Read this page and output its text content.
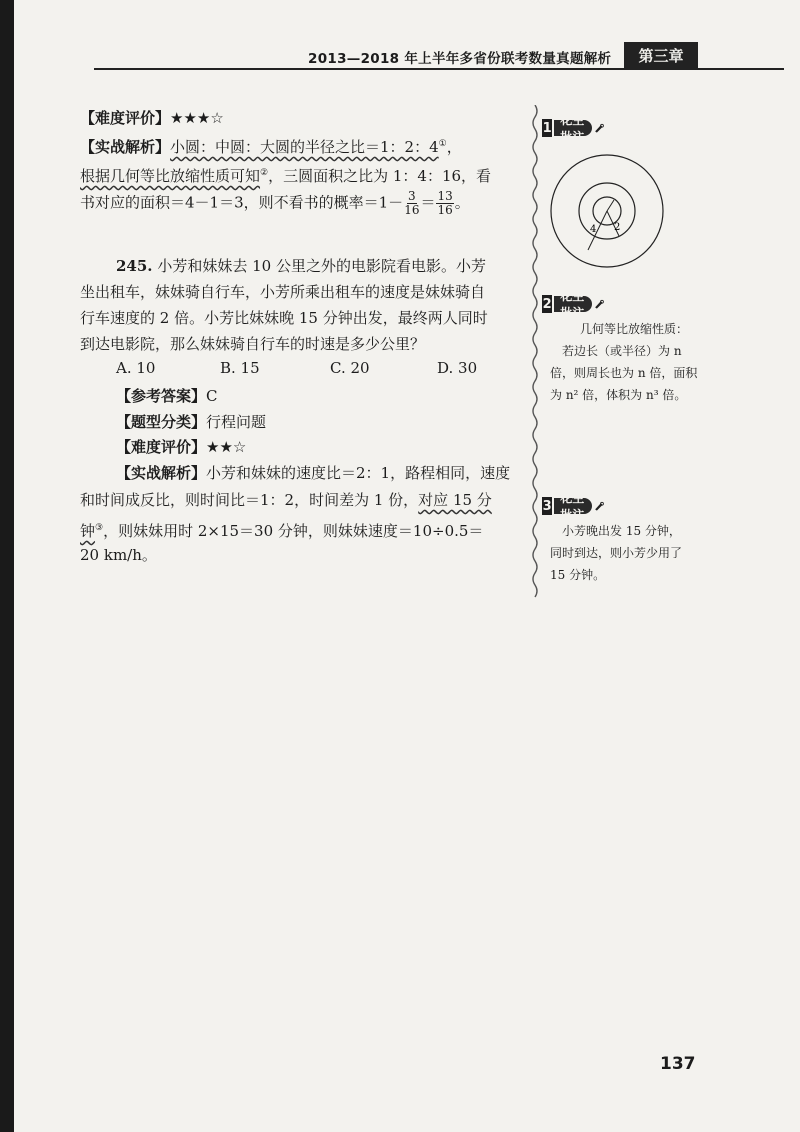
2013—2018 年上半年多省份联考数量真题解析	第三章
【难度评价】★★★☆
【实战解析】小圆：中圆：大圆的半径之比＝1：2：4①，
根据几何等比放缩性质可知②，三圆面积之比为 1：4：16，看
书对应的面积＝4－1＝3，则不看书的概率$=1- \frac{3}{16} = \frac{13}{16}$ 。
245. 小芳和妹妹去 10 公里之外的电影院看电影。小芳
坐出租车，妹妹骑自行车，小芳所乘出租车的速度是妹妹骑自
行车速度的 2 倍。小芳比妹妹晚 15 分钟出发，最终两人同时
到达电影院，那么妹妹骑自行车的时速是多少公里？
A. 10	B. 15	C. 20	D. 30
【参考答案】C
【题型分类】行程问题
【难度评价】★★☆
【实战解析】小芳和妹妹的速度比＝2：1，路程相同，速度
和时间成反比，则时间比＝1：2，时间差为 1 份，对应 15 分
钟③，则妹妹用时 2×15＝30 分钟，则妹妹速度＝10÷0.5＝
20 km/h。
1
花生批注
4 2
2
花生批注
几何等比放缩性质：
若边长（或半径）为 n
倍，则周长也为 n 倍，面积
为 n² 倍，体积为 n³ 倍。
3
花生批注
小芳晚出发 15 分钟，
同时到达，则小芳少用了
15 分钟。
137
